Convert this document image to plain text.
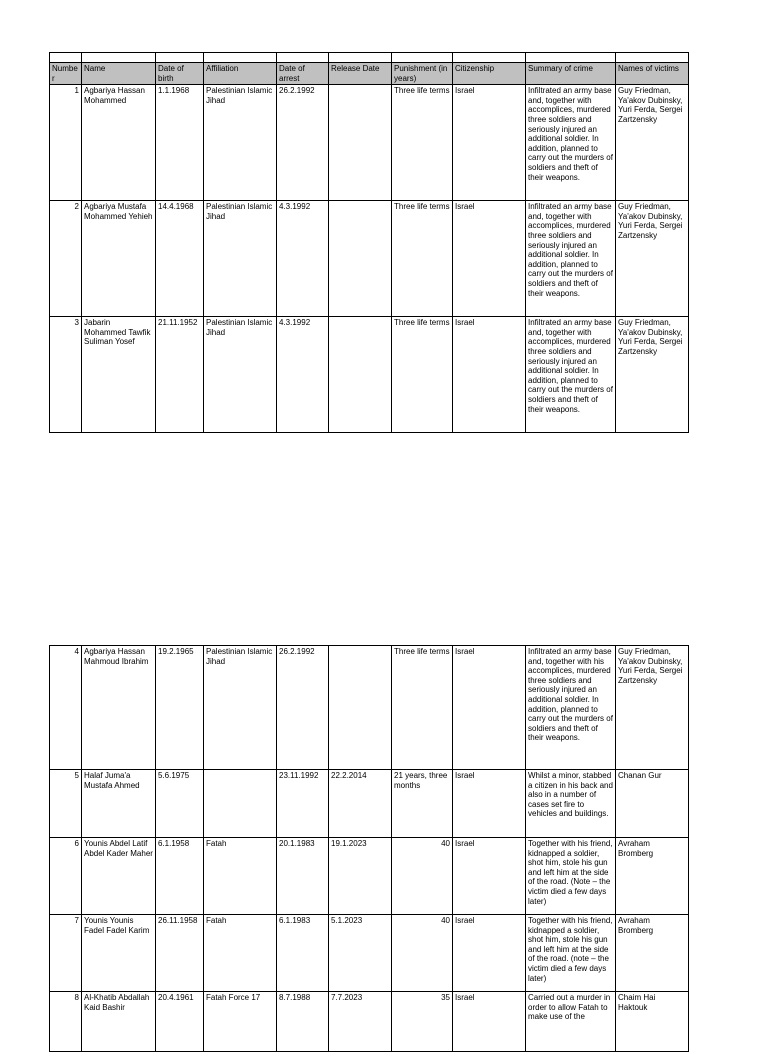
Number	Name	Date of birth	Affiliation	Date of arrest	Release Date	Punishment (in years)	Citizenship	Summary of crime	Names of victims
1	Agbariya Hassan Mohammed	1.1.1968	Palestinian Islamic Jihad	26.2.1992		Three life terms	Israel	Infiltrated an army base and, together with accomplices, murdered three soldiers and seriously injured an additional soldier. In addition, planned to carry out the murders of soldiers and theft of their weapons.	Guy Friedman, Ya'akov Dubinsky, Yuri Ferda, Sergei Zartzensky
2	Agbariya Mustafa Mohammed Yehieh	14.4.1968	Palestinian Islamic Jihad	4.3.1992		Three life terms	Israel	Infiltrated an army base and, together with accomplices, murdered three soldiers and seriously injured an additional soldier. In addition, planned to carry out the murders of soldiers and theft of their weapons.	Guy Friedman, Ya'akov Dubinsky, Yuri Ferda, Sergei Zartzensky
3	Jabarin Mohammed Tawfik Suliman Yosef	21.11.1952	Palestinian Islamic Jihad	4.3.1992		Three life terms	Israel	Infiltrated an army base and, together with accomplices, murdered three soldiers and seriously injured an additional soldier. In addition, planned to carry out the murders of soldiers and theft of their weapons.	Guy Friedman, Ya'akov Dubinsky, Yuri Ferda, Sergei Zartzensky
4	Agbariya Hassan Mahmoud Ibrahim	19.2.1965	Palestinian Islamic Jihad	26.2.1992		Three life terms	Israel	Infiltrated an army base and, together with his accomplices, murdered three soldiers and seriously injured an additional soldier. In addition, planned to carry out the murders of soldiers and theft of their weapons.	Guy Friedman, Ya'akov Dubinsky, Yuri Ferda, Sergei Zartzensky
5	Halaf Juma'a Mustafa Ahmed	5.6.1975		23.11.1992	22.2.2014	21 years, three months	Israel	Whilst a minor, stabbed a citizen in his back and also in a number of cases set fire to vehicles and buildings.	Chanan Gur
6	Younis Abdel Latif Abdel Kader Maher	6.1.1958	Fatah	20.1.1983	19.1.2023	40	Israel	Together with his friend, kidnapped a soldier, shot him, stole his gun and left him at the side of the road. (Note – the victim died a few days later)	Avraham Bromberg
7	Younis Younis Fadel Fadel Karim	26.11.1958	Fatah	6.1.1983	5.1.2023	40	Israel	Together with his friend, kidnapped a soldier, shot him, stole his gun and left him at the side of the road. (note – the victim died a few days later)	Avraham Bromberg
8	Al-Khatib Abdallah Kaid Bashir	20.4.1961	Fatah Force 17	8.7.1988	7.7.2023	35	Israel	Carried out a murder in order to allow Fatah to make use of the	Chaim Hai Haktouk
